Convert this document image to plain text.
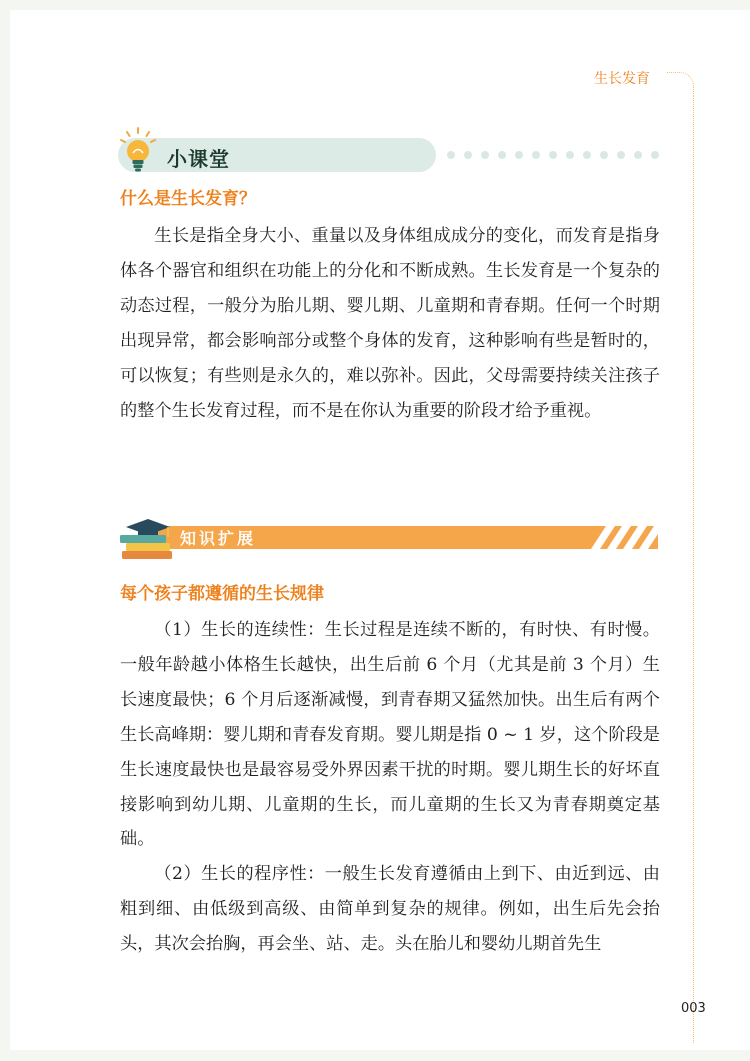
生长发育
小课堂
什么是生长发育？

生长是指全身大小、重量以及身体组成成分的变化，而发育是指身体各个器官和组织在功能上的分化和不断成熟。生长发育是一个复杂的动态过程，一般分为胎儿期、婴儿期、儿童期和青春期。任何一个时期出现异常，都会影响部分或整个身体的发育，这种影响有些是暂时的，可以恢复；有些则是永久的，难以弥补。因此，父母需要持续关注孩子的整个生长发育过程，而不是在你认为重要的阶段才给予重视。

知识扩展
每个孩子都遵循的生长规律

（1）生长的连续性：生长过程是连续不断的，有时快、有时慢。一般年龄越小体格生长越快，出生后前 6 个月（尤其是前 3 个月）生长速度最快；6 个月后逐渐减慢，到青春期又猛然加快。出生后有两个生长高峰期：婴儿期和青春发育期。婴儿期是指 0 ~ 1 岁，这个阶段是生长速度最快也是最容易受外界因素干扰的时期。婴儿期生长的好坏直接影响到幼儿期、儿童期的生长，而儿童期的生长又为青春期奠定基础。

（2）生长的程序性：一般生长发育遵循由上到下、由近到远、由粗到细、由低级到高级、由简单到复杂的规律。例如，出生后先会抬头，其次会抬胸，再会坐、站、走。头在胎儿和婴幼儿期首先生

003
